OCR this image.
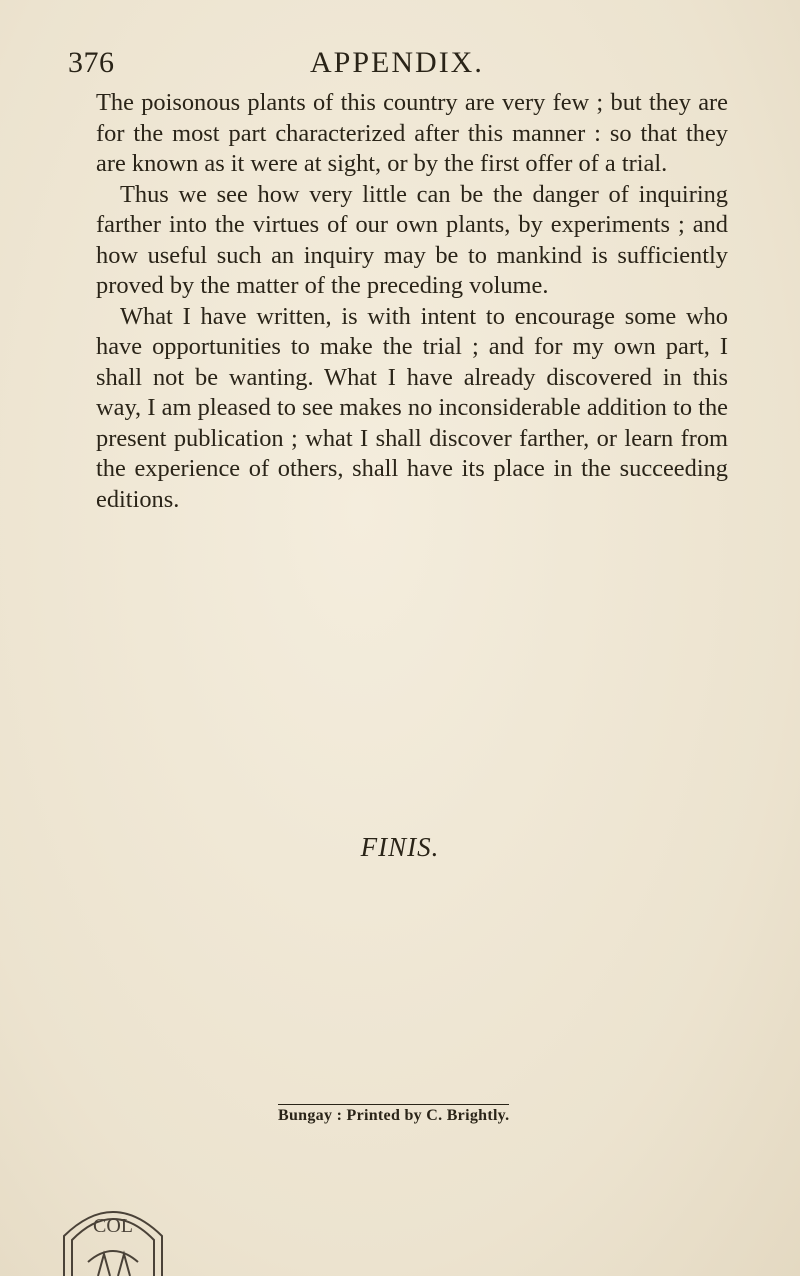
376	APPENDIX.

The poisonous plants of this country are very few ; but they are for the most part characterized after this manner : so that they are known as it were at sight, or by the first offer of a trial.

Thus we see how very little can be the danger of inquiring farther into the virtues of our own plants, by experiments ; and how useful such an inquiry may be to mankind is sufficiently proved by the matter of the preceding volume.

What I have written, is with intent to encourage some who have opportunities to make the trial ; and for my own part, I shall not be wanting. What I have already discovered in this way, I am pleased to see makes no inconsiderable addition to the present publication ; what I shall discover farther, or learn from the experience of others, shall have its place in the succeeding editions.

FINIS.
Bungay : Printed by C. Brightly.
COL
